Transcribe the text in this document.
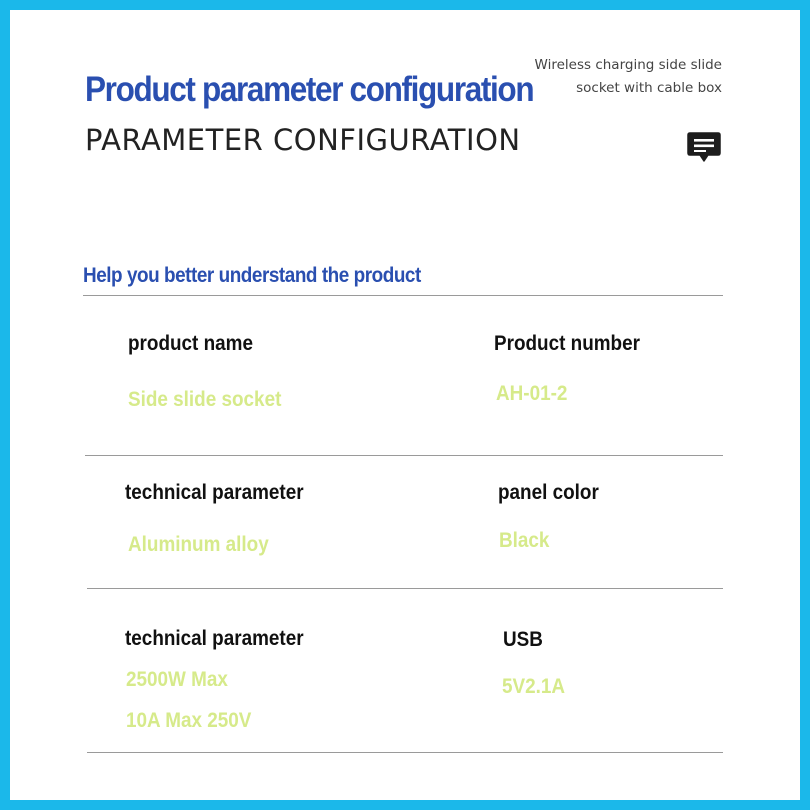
Product parameter configuration
PARAMETER CONFIGURATION
Wireless charging side slide
socket with cable box
Help you better understand the product
product name
Side slide socket
Product number
AH-01-2
technical parameter
Aluminum alloy
panel color
Black
technical parameter
2500W Max
10A Max 250V
USB
5V2.1A
